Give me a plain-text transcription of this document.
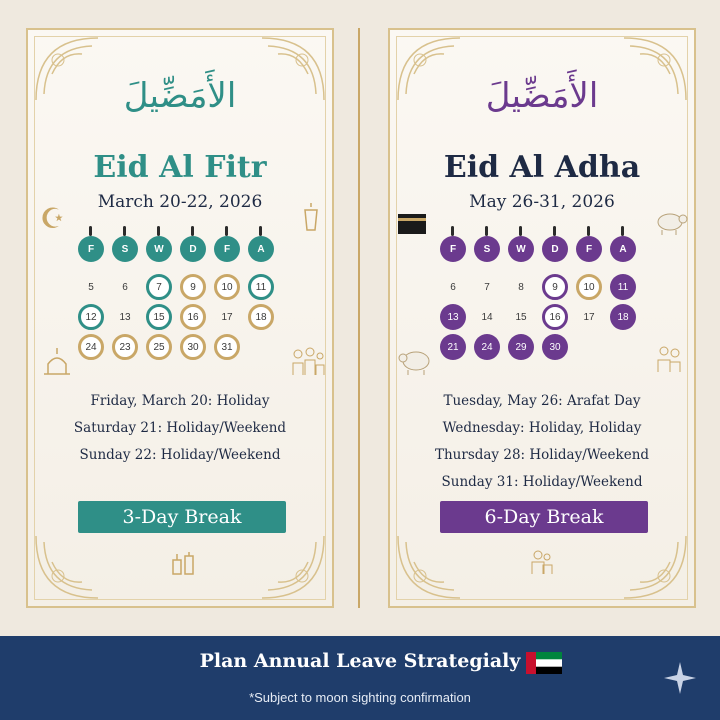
الأَمَضِّيلَ
Eid Al Fitr
March 20-22, 2026
☪
F	S	W	D	F	A
5	6	7	9	10	11
12	13	15	16	17	18
24	23	25	30	31
Friday, March 20: Holiday
Saturday 21: Holiday/Weekend
Sunday 22: Holiday/Weekend
3-Day Break
الأَمَضِّيلَ
Eid Al Adha
May 26-31, 2026
F	S	W	D	F	A
6	7	8	9	10	11
13	14	15	16	17	18
21	24	29	30
Tuesday, May 26: Arafat Day
Wednesday: Holiday, Holiday
Thursday 28: Holiday/Weekend
Sunday 31: Holiday/Weekend
6-Day Break
Plan Annual Leave Strategialy
*Subject to moon sighting confirmation
